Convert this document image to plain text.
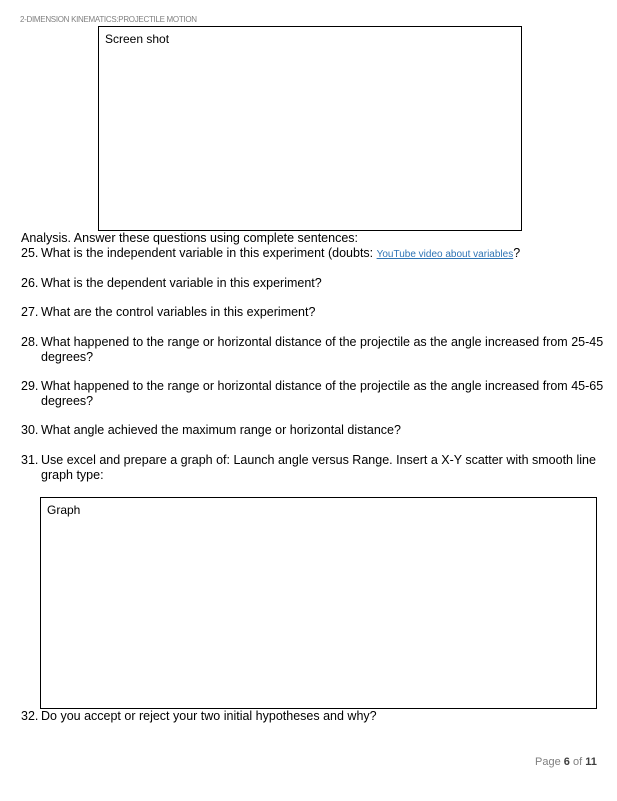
2-DIMENSION KINEMATICS:PROJECTILE MOTION
Screen shot
Analysis. Answer these questions using complete sentences:
25. What is the independent variable in this experiment (doubts: YouTube video about variables?
26. What is the dependent variable in this experiment?
27. What are the control variables in this experiment?
28. What happened to the range or horizontal distance of the projectile as the angle increased from 25-45 degrees?
29. What happened to the range or horizontal distance of the projectile as the angle increased from 45-65 degrees?
30. What angle achieved the maximum range or horizontal distance?
31. Use excel and prepare a graph of: Launch angle versus Range. Insert a X-Y scatter with smooth line graph type:
Graph
32. Do you accept or reject your two initial hypotheses and why?
Page 6 of 11
